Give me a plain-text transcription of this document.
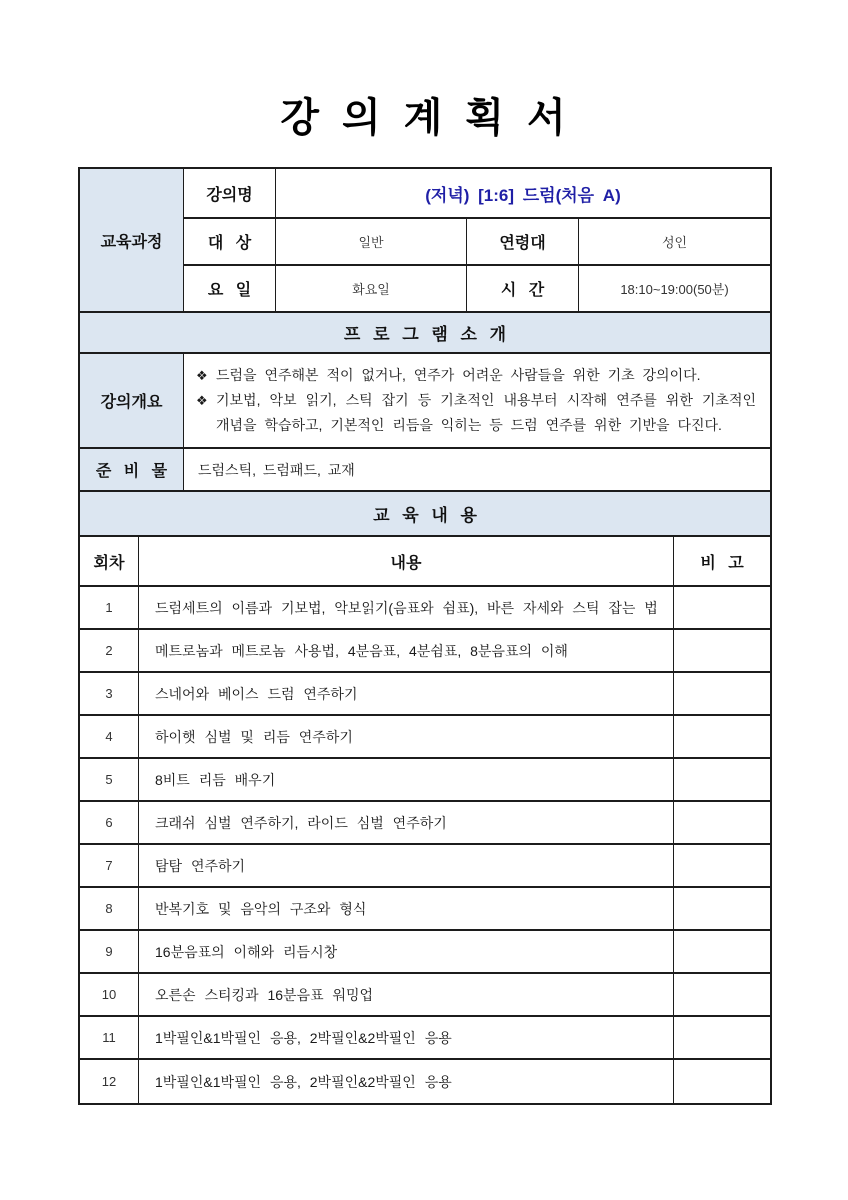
강 의 계 획 서
교육과정
강의명	(저녁) [1:6] 드럼(처음 A)
대 상	일반	연령대	성인
요 일	화요일	시 간	18:10~19:00(50분)
프 로 그 램 소 개
강의개요
❖ 드럼을 연주해본 적이 없거나, 연주가 어려운 사람들을 위한 기초 강의이다.
❖ 기보법, 악보 읽기, 스틱 잡기 등 기초적인 내용부터 시작해 연주를 위한 기초적인 개념을 학습하고, 기본적인 리듬을 익히는 등 드럼 연주를 위한 기반을 다진다.
준 비 물	드럼스틱, 드럼패드, 교재
교 육 내 용
회차	내용	비 고
1	드럼세트의 이름과 기보법, 악보읽기(음표와 쉼표), 바른 자세와 스틱 잡는 법
2	메트로놈과 메트로놈 사용법, 4분음표, 4분쉼표, 8분음표의 이해
3	스네어와 베이스 드럼 연주하기
4	하이햇 심벌 및 리듬 연주하기
5	8비트 리듬 배우기
6	크래쉬 심벌 연주하기, 라이드 심벌 연주하기
7	탐탐 연주하기
8	반복기호 및 음악의 구조와 형식
9	16분음표의 이해와 리듬시창
10	오른손 스티킹과 16분음표 워밍업
11	1박필인&1박필인 응용, 2박필인&2박필인 응용
12	1박필인&1박필인 응용, 2박필인&2박필인 응용
